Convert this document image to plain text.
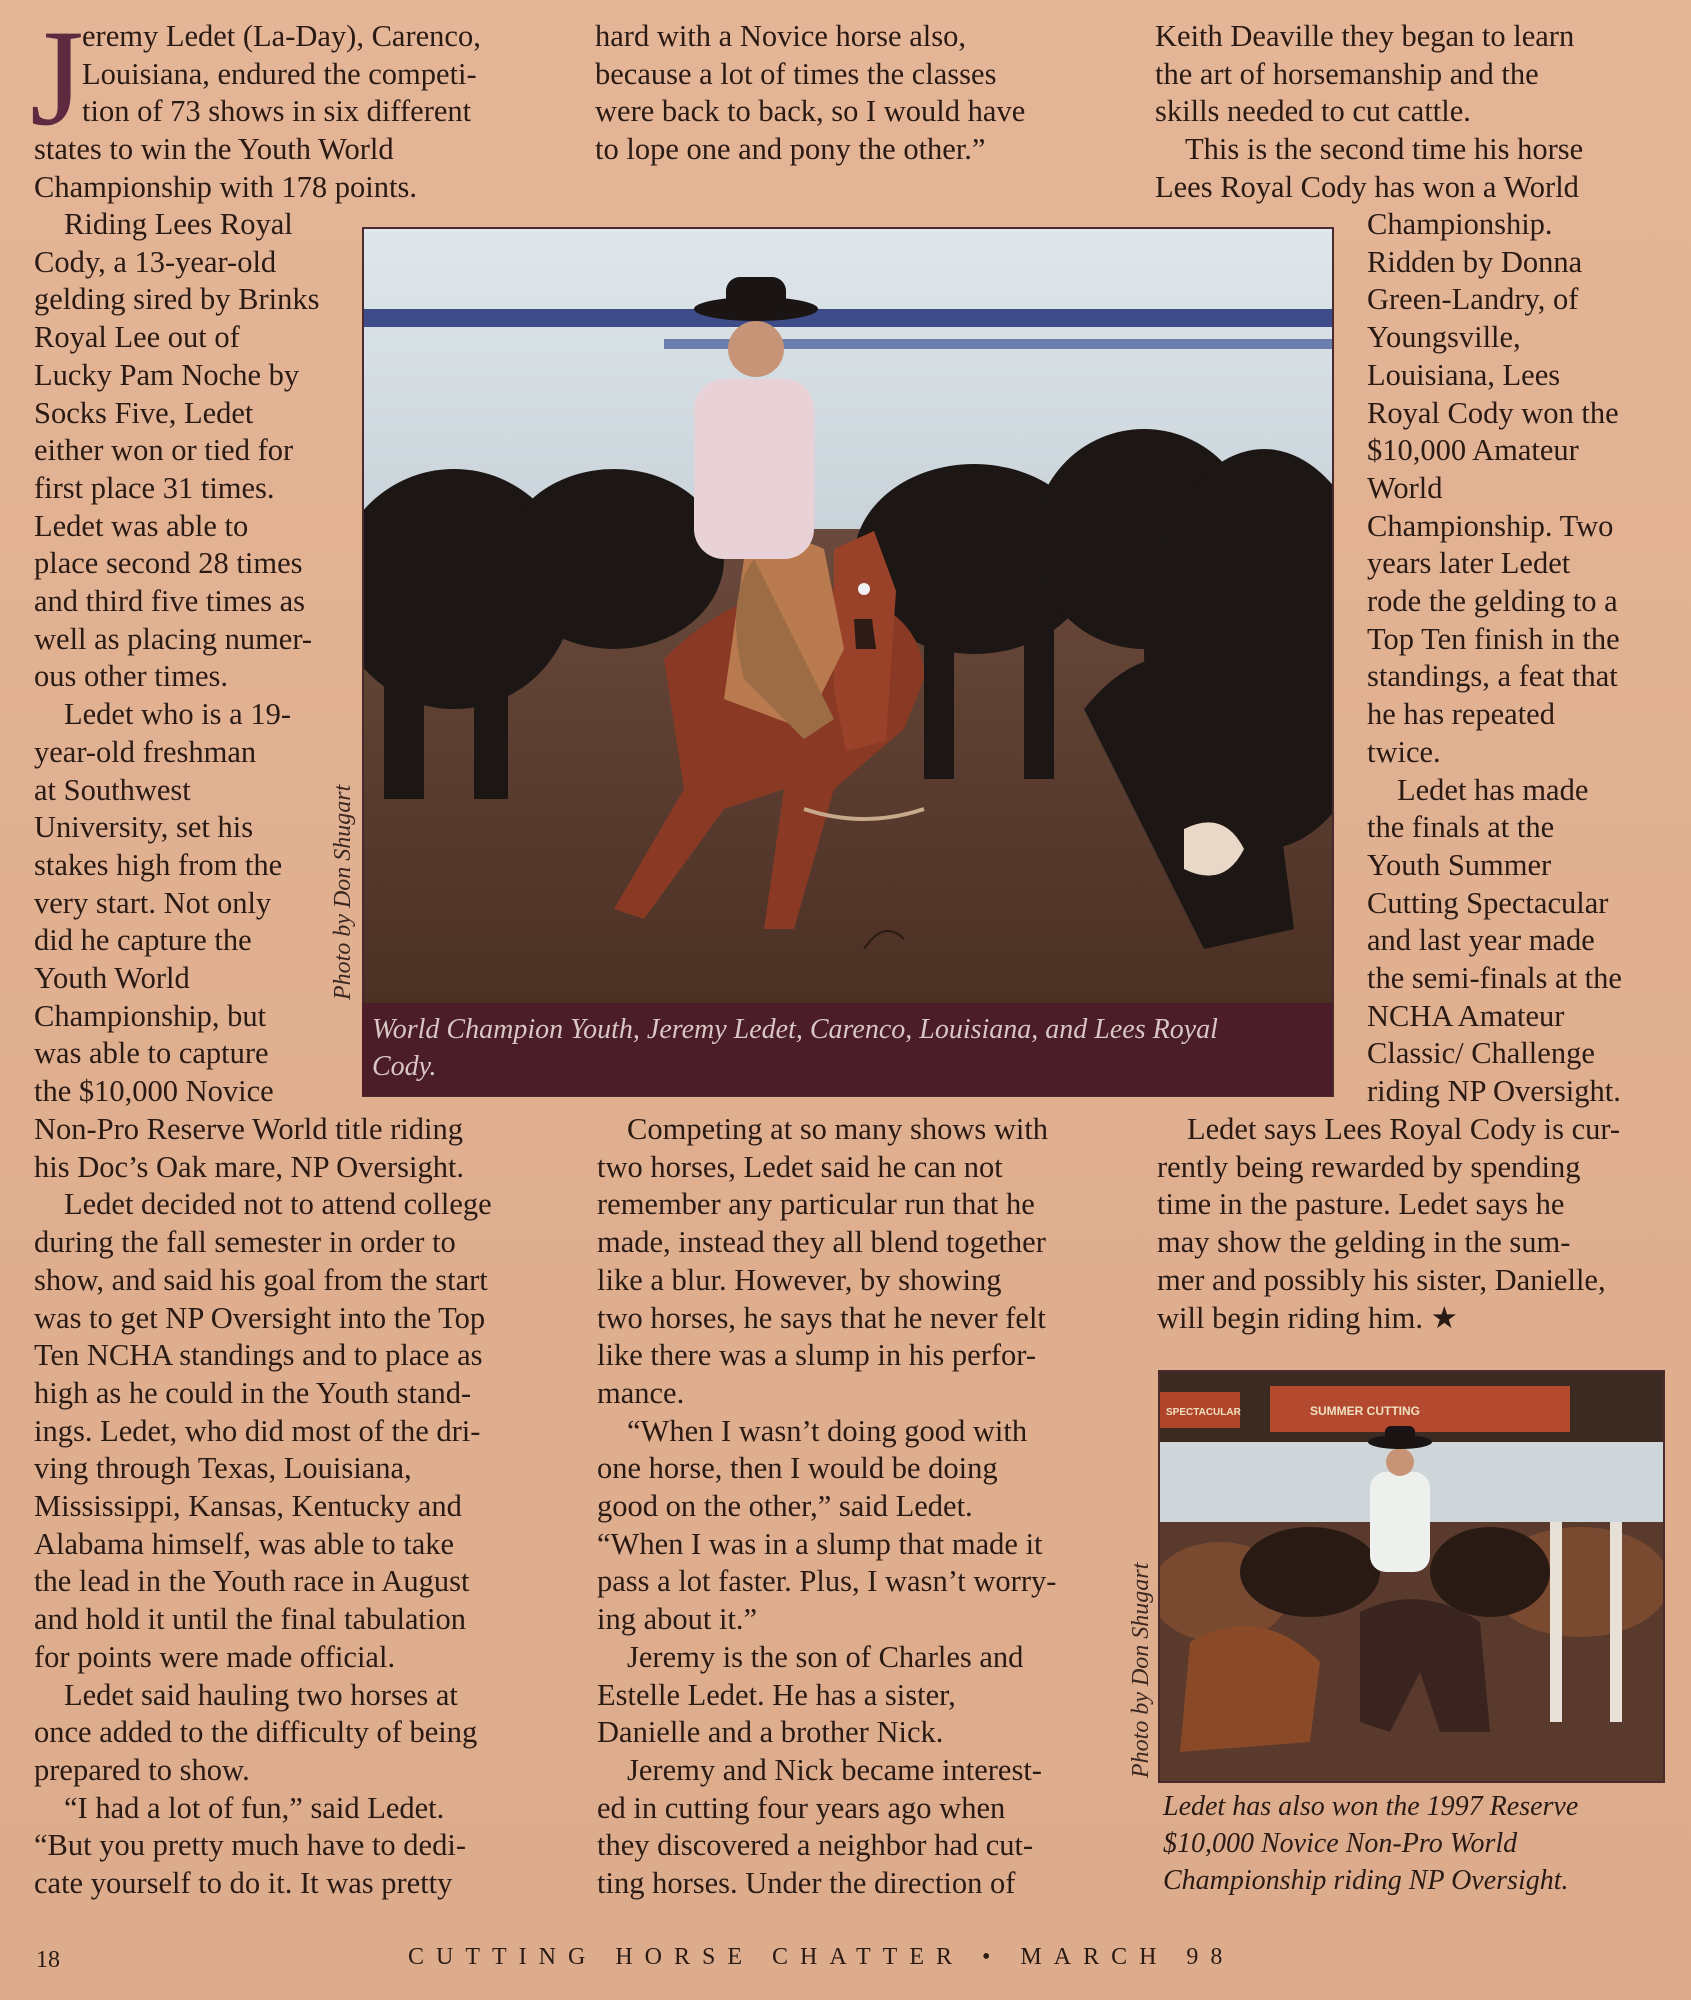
J
eremy Ledet (La-Day), Carenco,
Louisiana, endured the competi-
tion of 73 shows in six different
states to win the Youth World
Championship with 178 points.
Riding Lees Royal
Cody, a 13-year-old
gelding sired by Brinks
Royal Lee out of
Lucky Pam Noche by
Socks Five, Ledet
either won or tied for
first place 31 times.
Ledet was able to
place second 28 times
and third five times as
well as placing numer-
ous other times.
Ledet who is a 19-
year-old freshman
at Southwest
University, set his
stakes high from the
very start. Not only
did he capture the
Youth World
Championship, but
was able to capture
the $10,000 Novice
Non-Pro Reserve World title riding
his Doc’s Oak mare, NP Oversight.
Ledet decided not to attend college
during the fall semester in order to
show, and said his goal from the start
was to get NP Oversight into the Top
Ten NCHA standings and to place as
high as he could in the Youth stand-
ings. Ledet, who did most of the dri-
ving through Texas, Louisiana,
Mississippi, Kansas, Kentucky and
Alabama himself, was able to take
the lead in the Youth race in August
and hold it until the final tabulation
for points were made official.
Ledet said hauling two horses at
once added to the difficulty of being
prepared to show.
“I had a lot of fun,” said Ledet.
“But you pretty much have to dedi-
cate yourself to do it. It was pretty
hard with a Novice horse also,
because a lot of times the classes
were back to back, so I would have
to lope one and pony the other.”
Competing at so many shows with
two horses, Ledet said he can not
remember any particular run that he
made, instead they all blend together
like a blur. However, by showing
two horses, he says that he never felt
like there was a slump in his perfor-
mance.
“When I wasn’t doing good with
one horse, then I would be doing
good on the other,” said Ledet.
“When I was in a slump that made it
pass a lot faster. Plus, I wasn’t worry-
ing about it.”
Jeremy is the son of Charles and
Estelle Ledet. He has a sister,
Danielle and a brother Nick.
Jeremy and Nick became interest-
ed in cutting four years ago when
they discovered a neighbor had cut-
ting horses. Under the direction of
Keith Deaville they began to learn
the art of horsemanship and the
skills needed to cut cattle.
This is the second time his horse
Lees Royal Cody has won a World
Championship.
Ridden by Donna
Green-Landry, of
Youngsville,
Louisiana, Lees
Royal Cody won the
$10,000 Amateur
World
Championship. Two
years later Ledet
rode the gelding to a
Top Ten finish in the
standings, a feat that
he has repeated
twice.
Ledet has made
the finals at the
Youth Summer
Cutting Spectacular
and last year made
the semi-finals at the
NCHA Amateur
Classic/ Challenge
riding NP Oversight.
Ledet says Lees Royal Cody is cur-
rently being rewarded by spending
time in the pasture. Ledet says he
may show the gelding in the sum-
mer and possibly his sister, Danielle,
will begin riding him. ★
Photo by Don Shugart
World Champion Youth, Jeremy Ledet, Carenco, Louisiana, and Lees Royal
Cody.
SPECTACULAR	SUMMER CUTTING
Photo by Don Shugart
Ledet has also won the 1997 Reserve
$10,000 Novice Non-Pro World
Championship riding NP Oversight.
18	CUTTING HORSE CHATTER • MARCH 98
